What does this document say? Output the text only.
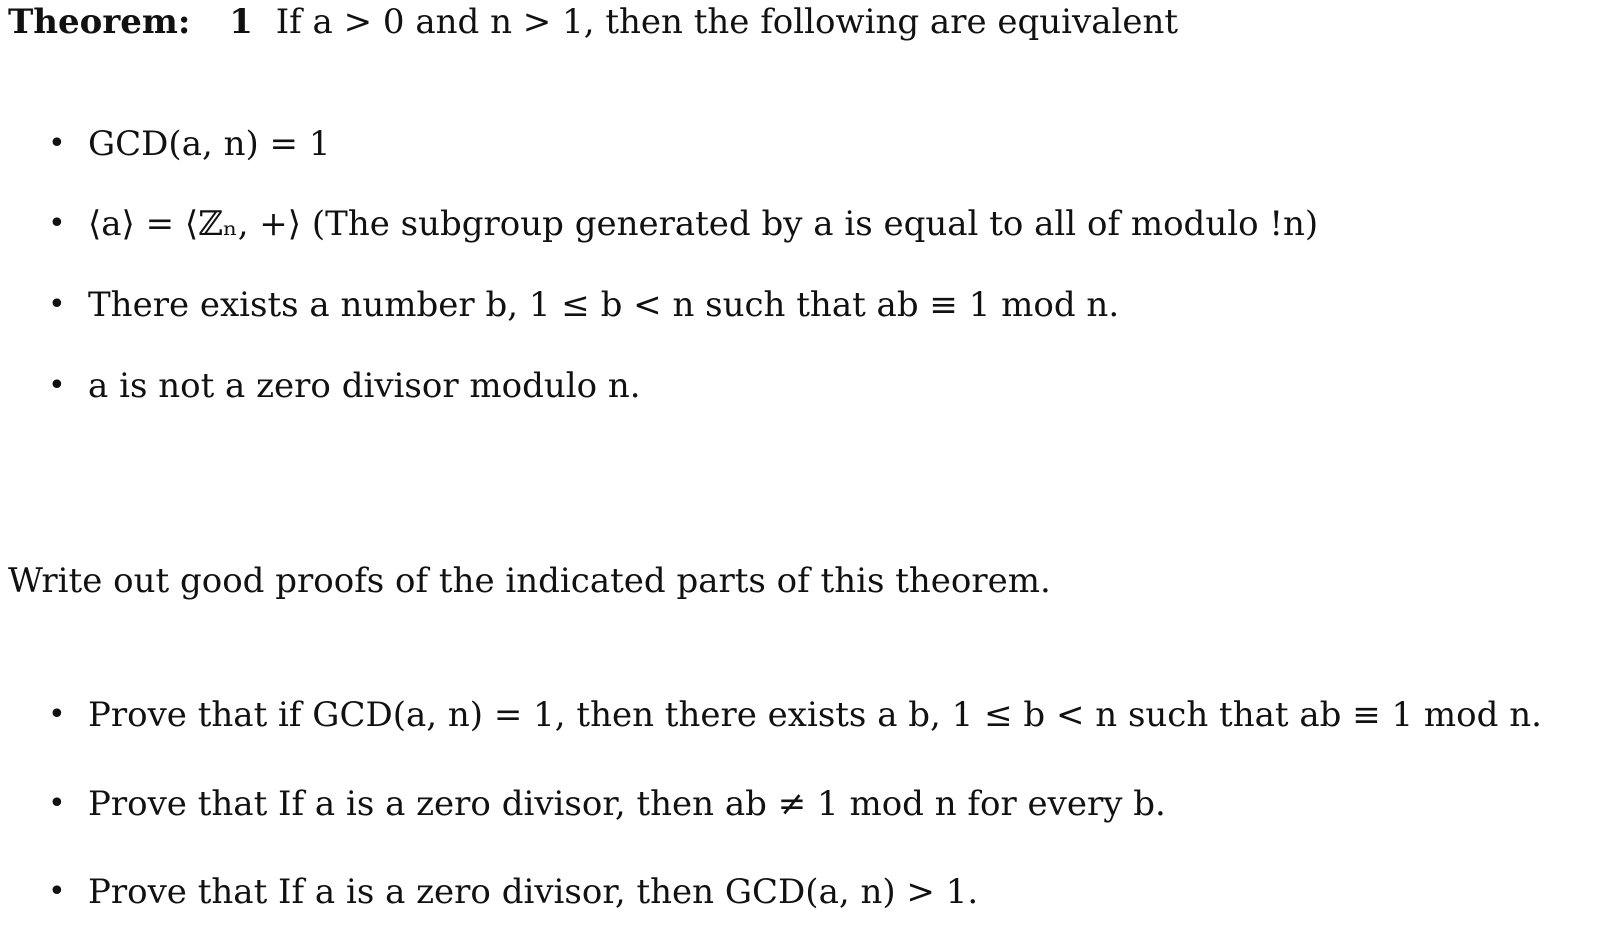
Theorem: 1 If a > 0 and n > 1, then the following are equivalent
• GCD(a, n) = 1
• ⟨a⟩ = ⟨ℤₙ, +⟩ (The subgroup generated by a is equal to all of modulo !n)
• There exists a number b, 1 ≤ b < n such that ab ≡ 1 mod n.
• a is not a zero divisor modulo n.
Write out good proofs of the indicated parts of this theorem.
• Prove that if GCD(a, n) = 1, then there exists a b, 1 ≤ b < n such that ab ≡ 1 mod n.
• Prove that If a is a zero divisor, then ab ≠ 1 mod n for every b.
• Prove that If a is a zero divisor, then GCD(a, n) > 1.
